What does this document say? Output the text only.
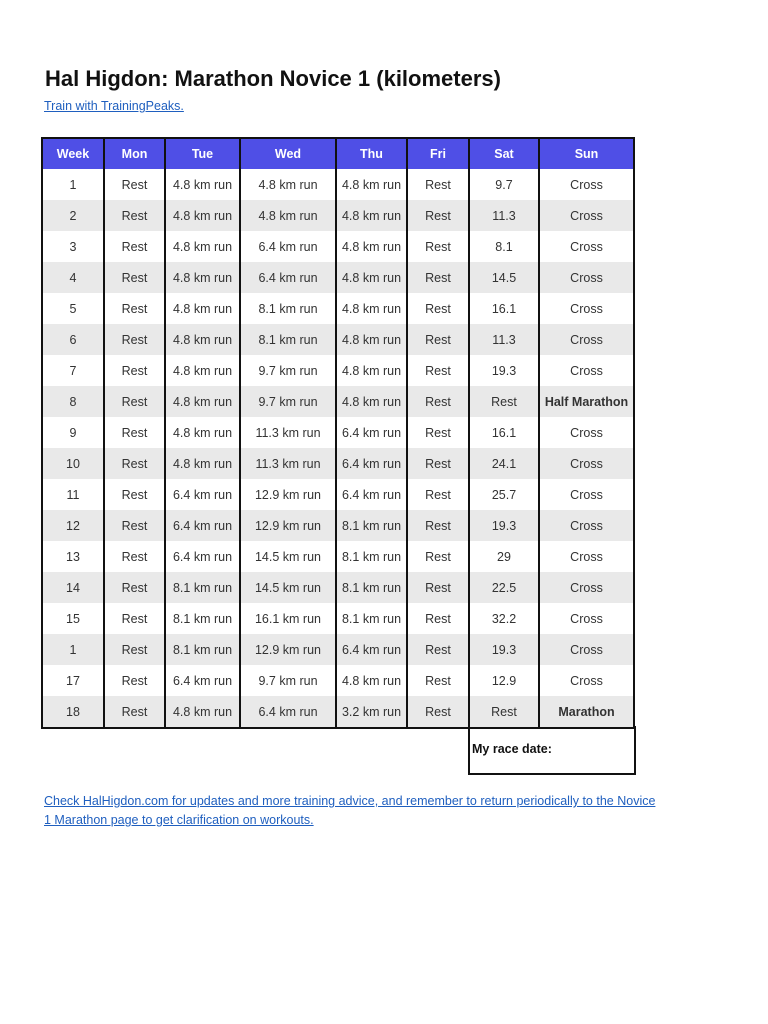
Hal Higdon: Marathon Novice 1 (kilometers)
Train with TrainingPeaks.
Week	Mon	Tue	Wed	Thu	Fri	Sat	Sun
1	Rest	4.8 km run	4.8 km run	4.8 km run	Rest	9.7	Cross
2	Rest	4.8 km run	4.8 km run	4.8 km run	Rest	11.3	Cross
3	Rest	4.8 km run	6.4 km run	4.8 km run	Rest	8.1	Cross
4	Rest	4.8 km run	6.4 km run	4.8 km run	Rest	14.5	Cross
5	Rest	4.8 km run	8.1 km run	4.8 km run	Rest	16.1	Cross
6	Rest	4.8 km run	8.1 km run	4.8 km run	Rest	11.3	Cross
7	Rest	4.8 km run	9.7 km run	4.8 km run	Rest	19.3	Cross
8	Rest	4.8 km run	9.7 km run	4.8 km run	Rest	Rest	Half Marathon
9	Rest	4.8 km run	11.3 km run	6.4 km run	Rest	16.1	Cross
10	Rest	4.8 km run	11.3 km run	6.4 km run	Rest	24.1	Cross
11	Rest	6.4 km run	12.9 km run	6.4 km run	Rest	25.7	Cross
12	Rest	6.4 km run	12.9 km run	8.1 km run	Rest	19.3	Cross
13	Rest	6.4 km run	14.5 km run	8.1 km run	Rest	29	Cross
14	Rest	8.1 km run	14.5 km run	8.1 km run	Rest	22.5	Cross
15	Rest	8.1 km run	16.1 km run	8.1 km run	Rest	32.2	Cross
1	Rest	8.1 km run	12.9 km run	6.4 km run	Rest	19.3	Cross
17	Rest	6.4 km run	9.7 km run	4.8 km run	Rest	12.9	Cross
18	Rest	4.8 km run	6.4 km run	3.2 km run	Rest	Rest	Marathon
My race date:
Check HalHigdon.com for updates and more training advice, and remember to return periodically to the Novice 1 Marathon page to get clarification on workouts.
